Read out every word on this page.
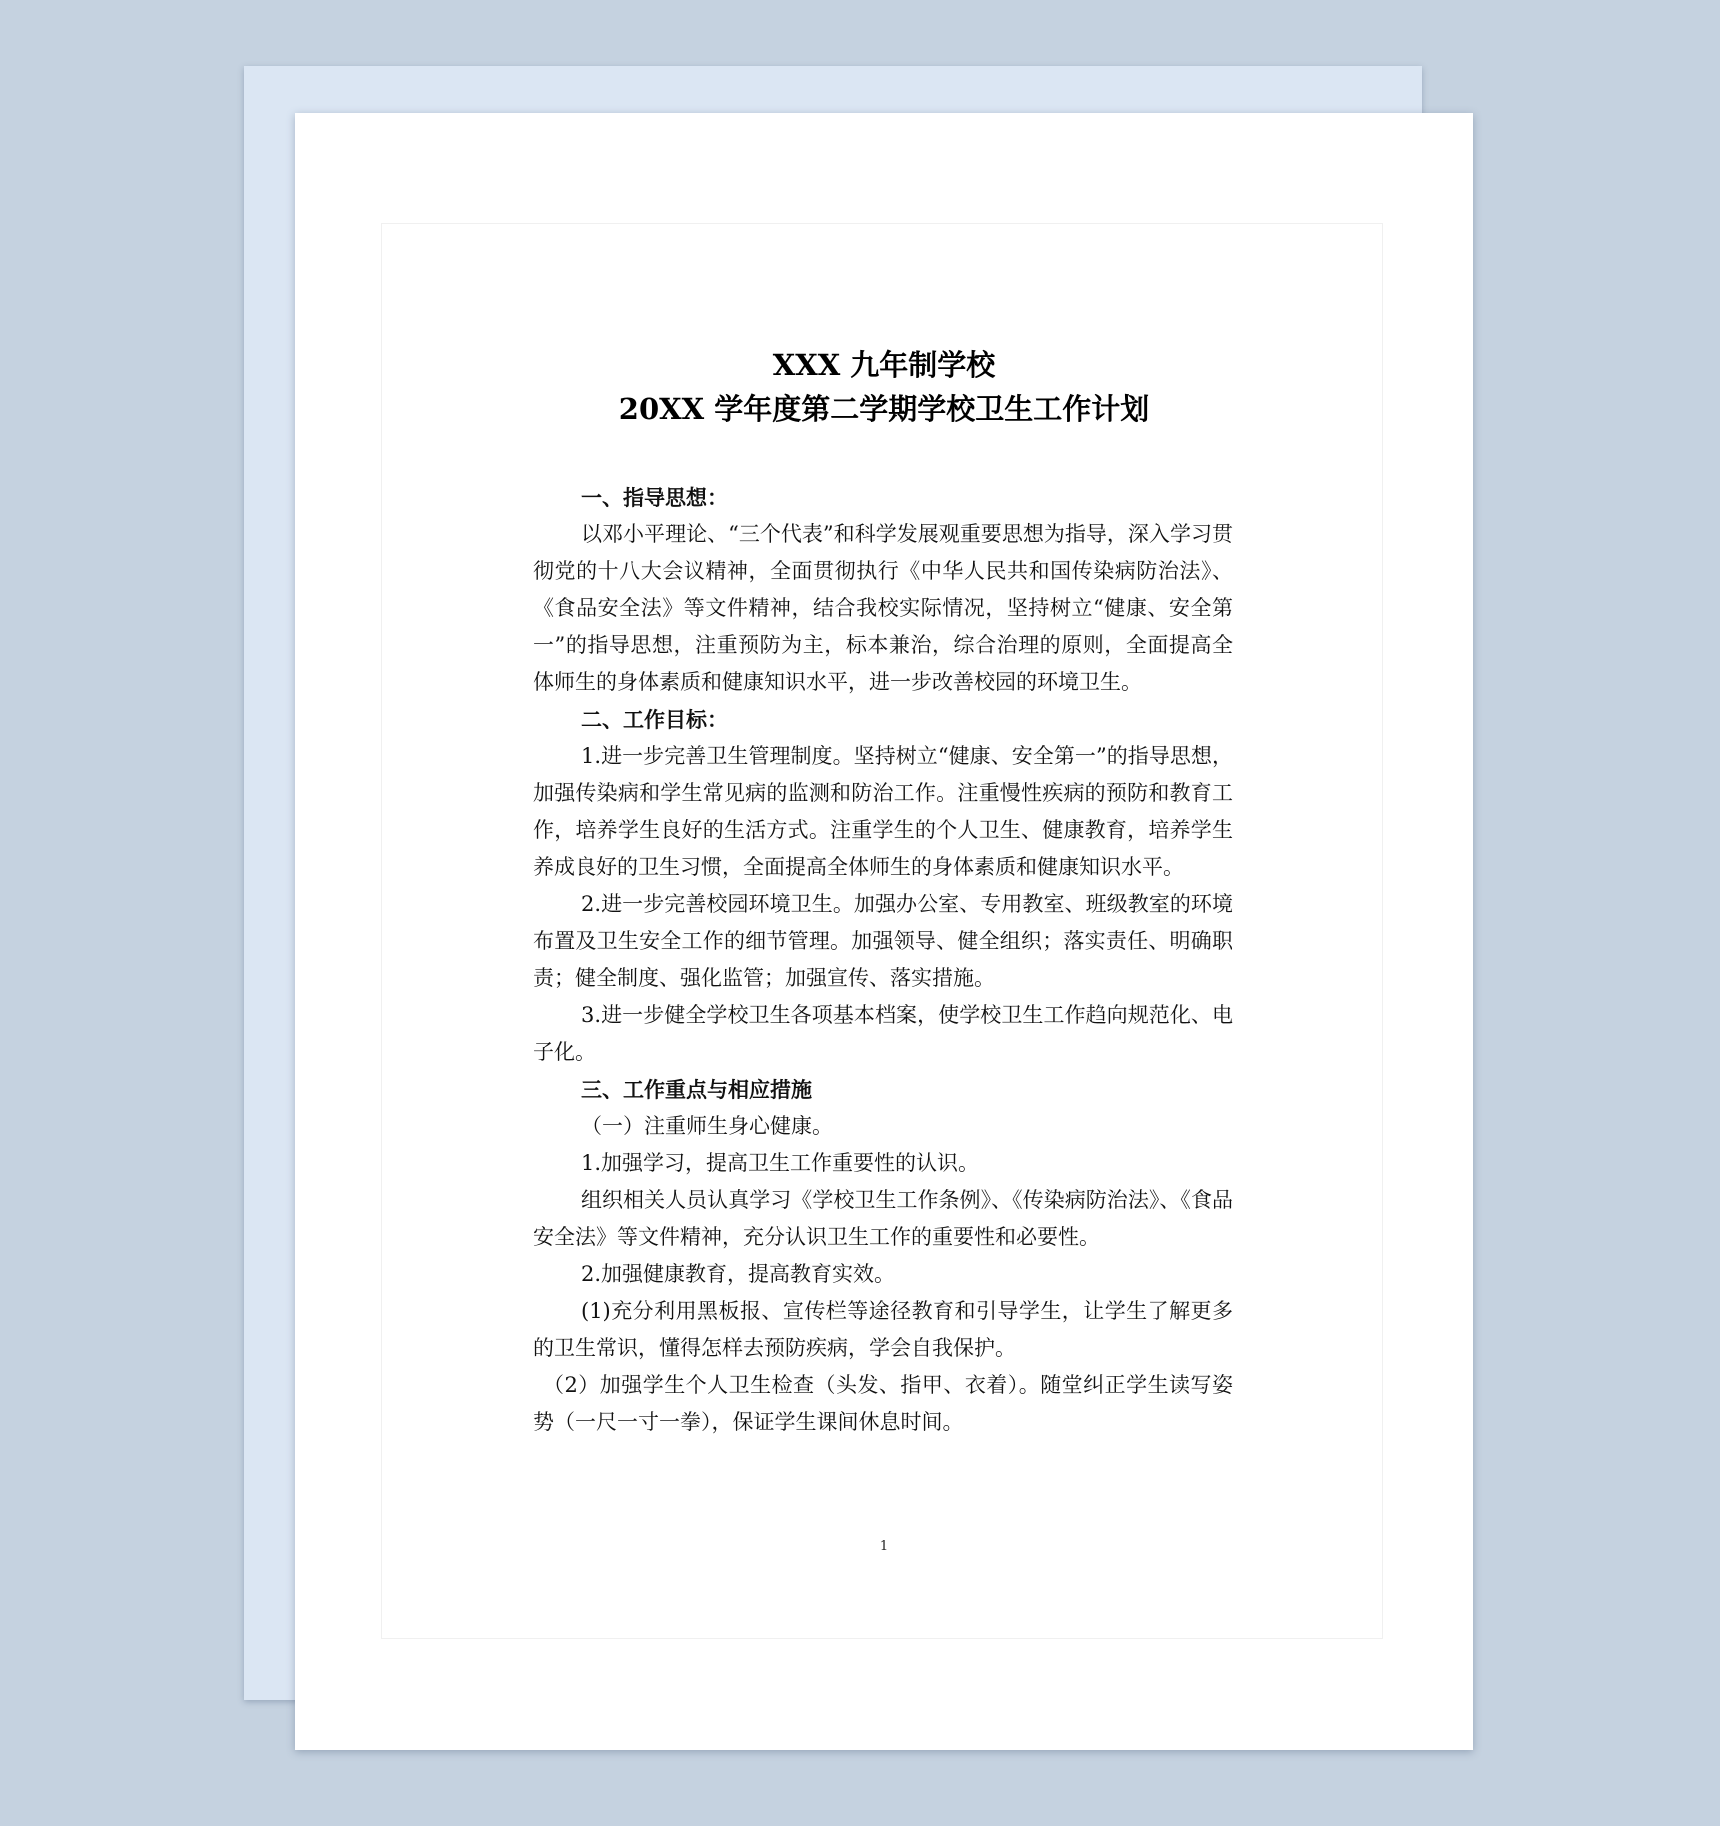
XXX 九年制学校
20XX 学年度第二学期学校卫生工作计划

一、指导思想：

以邓小平理论、“三个代表”和科学发展观重要思想为指导，深入学习贯彻党的十八大会议精神，全面贯彻执行《中华人民共和国传染病防治法》、《食品安全法》等文件精神，结合我校实际情况，坚持树立“健康、安全第一”的指导思想，注重预防为主，标本兼治，综合治理的原则，全面提高全体师生的身体素质和健康知识水平，进一步改善校园的环境卫生。

二、工作目标：

1.进一步完善卫生管理制度。坚持树立“健康、安全第一”的指导思想，加强传染病和学生常见病的监测和防治工作。注重慢性疾病的预防和教育工作，培养学生良好的生活方式。注重学生的个人卫生、健康教育，培养学生养成良好的卫生习惯，全面提高全体师生的身体素质和健康知识水平。

2.进一步完善校园环境卫生。加强办公室、专用教室、班级教室的环境布置及卫生安全工作的细节管理。加强领导、健全组织；落实责任、明确职责；健全制度、强化监管；加强宣传、落实措施。

3.进一步健全学校卫生各项基本档案，使学校卫生工作趋向规范化、电子化。

三、工作重点与相应措施

（一）注重师生身心健康。

1.加强学习，提高卫生工作重要性的认识。

组织相关人员认真学习《学校卫生工作条例》、《传染病防治法》、《食品安全法》等文件精神，充分认识卫生工作的重要性和必要性。

2.加强健康教育，提高教育实效。

(1)充分利用黑板报、宣传栏等途径教育和引导学生，让学生了解更多的卫生常识，懂得怎样去预防疾病，学会自我保护。

（2）加强学生个人卫生检查（头发、指甲、衣着）。随堂纠正学生读写姿势（一尺一寸一拳），保证学生课间休息时间。

1
